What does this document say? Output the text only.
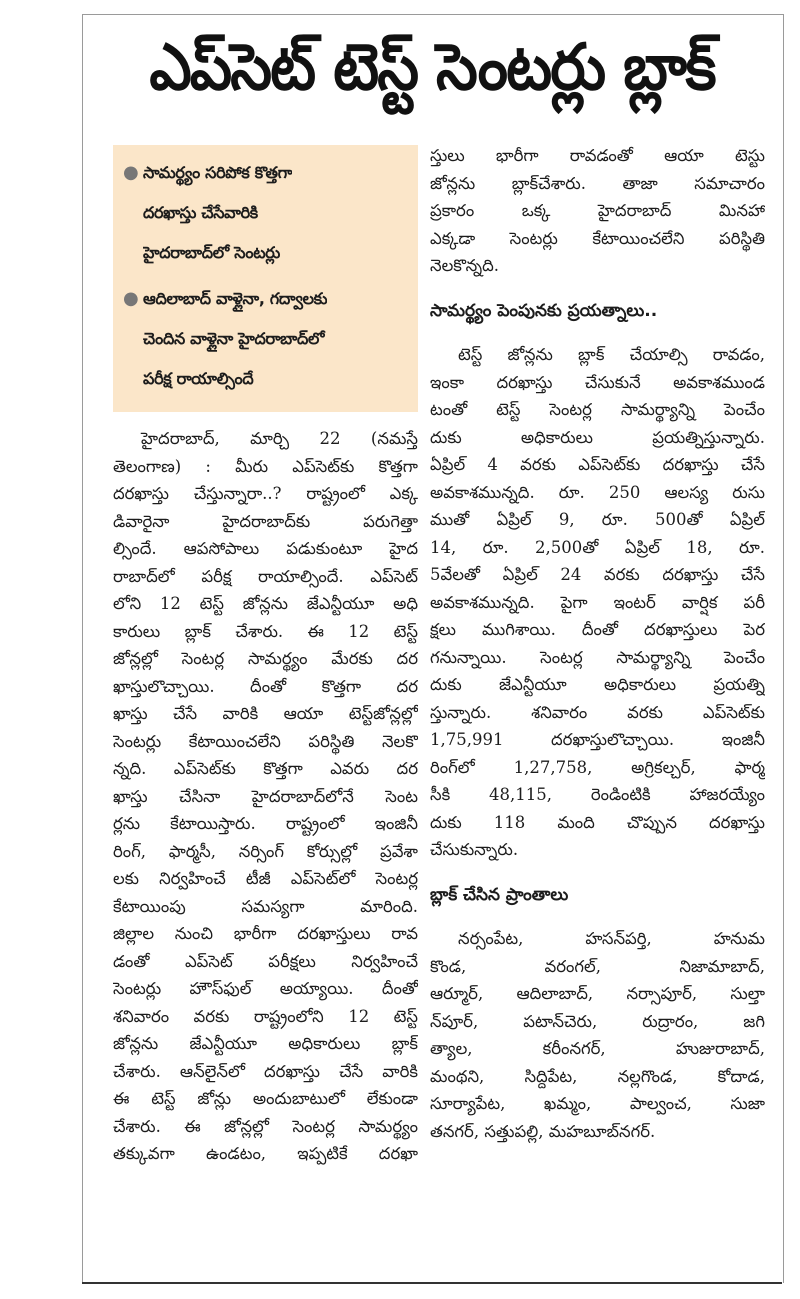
ఎప్‌సెట్ టెస్ట్ సెంటర్లు బ్లాక్
● సామర్థ్యం సరిపోక కొత్తగా
దరఖాస్తు చేసేవారికి
హైదరాబాద్‌లో సెంటర్లు
● ఆదిలాబాద్ వాళ్లైనా, గద్వాలకు
చెందిన వాళ్లైనా హైదరాబాద్‌లో
పరీక్ష రాయాల్సిందే
హైదరాబాద్, మార్చి 22 (నమస్తే
తెలంగాణ) : మీరు ఎప్‌సెట్‌కు కొత్తగా
దరఖాస్తు చేస్తున్నారా..? రాష్ట్రంలో ఎక్క
డివారైనా హైదరాబాద్‌కు పరుగెత్తా
ల్సిందే. ఆపసోపాలు పడుకుంటూ హైద
రాబాద్‌లో పరీక్ష రాయాల్సిందే. ఎప్‌సెట్
లోని 12 టెస్ట్ జోన్లను జేఎన్టీయూ అధి
కారులు బ్లాక్ చేశారు. ఈ 12 టెస్ట్
జోన్లల్లో సెంటర్ల సామర్థ్యం మేరకు దర
ఖాస్తులొచ్చాయి. దీంతో కొత్తగా దర
ఖాస్తు చేసే వారికి ఆయా టెస్ట్‌జోన్లల్లో
సెంటర్లు కేటాయించలేని పరిస్థితి నెలకొ
న్నది. ఎప్‌సెట్‌కు కొత్తగా ఎవరు దర
ఖాస్తు చేసినా హైదరాబాద్‌లోనే సెంట
ర్లను కేటాయిస్తారు. రాష్ట్రంలో ఇంజినీ
రింగ్, ఫార్మసీ, నర్సింగ్ కోర్సుల్లో ప్రవేశా
లకు నిర్వహించే టీజీ ఎప్‌సెట్‌లో సెంటర్ల
కేటాయింపు సమస్యగా మారింది.
జిల్లాల నుంచి భారీగా దరఖాస్తులు రావ
డంతో ఎప్‌సెట్ పరీక్షలు నిర్వహించే
సెంటర్లు హౌస్‌ఫుల్ అయ్యాయి. దీంతో
శనివారం వరకు రాష్ట్రంలోని 12 టెస్ట్
జోన్లను జేఎన్టీయూ అధికారులు బ్లాక్
చేశారు. ఆన్‌లైన్‌లో దరఖాస్తు చేసే వారికి
ఈ టెస్ట్ జోన్లు అందుబాటులో లేకుండా
చేశారు. ఈ జోన్లల్లో సెంటర్ల సామర్థ్యం
తక్కువగా ఉండటం, ఇప్పటికే దరఖా
స్తులు భారీగా రావడంతో ఆయా టెస్టు
జోన్లను బ్లాక్‌చేశారు. తాజా సమాచారం
ప్రకారం ఒక్క హైదరాబాద్ మినహా
ఎక్కడా సెంటర్లు కేటాయించలేని పరిస్థితి
నెలకొన్నది.
సామర్థ్యం పెంపునకు ప్రయత్నాలు..
టెస్ట్ జోన్లను బ్లాక్ చేయాల్సి రావడం,
ఇంకా దరఖాస్తు చేసుకునే అవకాశముండ
టంతో టెస్ట్ సెంటర్ల సామర్థ్యాన్ని పెంచేం
దుకు అధికారులు ప్రయత్నిస్తున్నారు.
ఏప్రిల్ 4 వరకు ఎప్‌సెట్‌కు దరఖాస్తు చేసే
అవకాశమున్నది. రూ. 250 ఆలస్య రుసు
ముతో ఏప్రిల్ 9, రూ. 500తో ఏప్రిల్
14, రూ. 2,500తో ఏప్రిల్ 18, రూ.
5వేలతో ఏప్రిల్ 24 వరకు దరఖాస్తు చేసే
అవకాశమున్నది. పైగా ఇంటర్ వార్షిక పరీ
క్షలు ముగిశాయి. దీంతో దరఖాస్తులు పెర
గనున్నాయి. సెంటర్ల సామర్థ్యాన్ని పెంచేం
దుకు జేఎన్టీయూ అధికారులు ప్రయత్ని
స్తున్నారు. శనివారం వరకు ఎప్‌సెట్‌కు
1,75,991 దరఖాస్తులొచ్చాయి. ఇంజినీ
రింగ్‌లో 1,27,758, అగ్రికల్చర్, ఫార్మ
సీకి 48,115, రెండింటికి హాజరయ్యేం
దుకు 118 మంది చొప్పున దరఖాస్తు
చేసుకున్నారు.
బ్లాక్ చేసిన ప్రాంతాలు
నర్సంపేట, హసన్‌పర్తి, హనుమ
కొండ, వరంగల్, నిజామాబాద్,
ఆర్మూర్, ఆదిలాబాద్, నర్సాపూర్, సుల్తా
న్‌పూర్, పటాన్‌చెరు, రుద్రారం, జగి
త్యాల, కరీంనగర్, హుజురాబాద్,
మంథని, సిద్దిపేట, నల్లగొండ, కోదాడ,
సూర్యాపేట, ఖమ్మం, పాల్వంచ, సుజా
తనగర్, సత్తుపల్లి, మహబూబ్‌నగర్.
